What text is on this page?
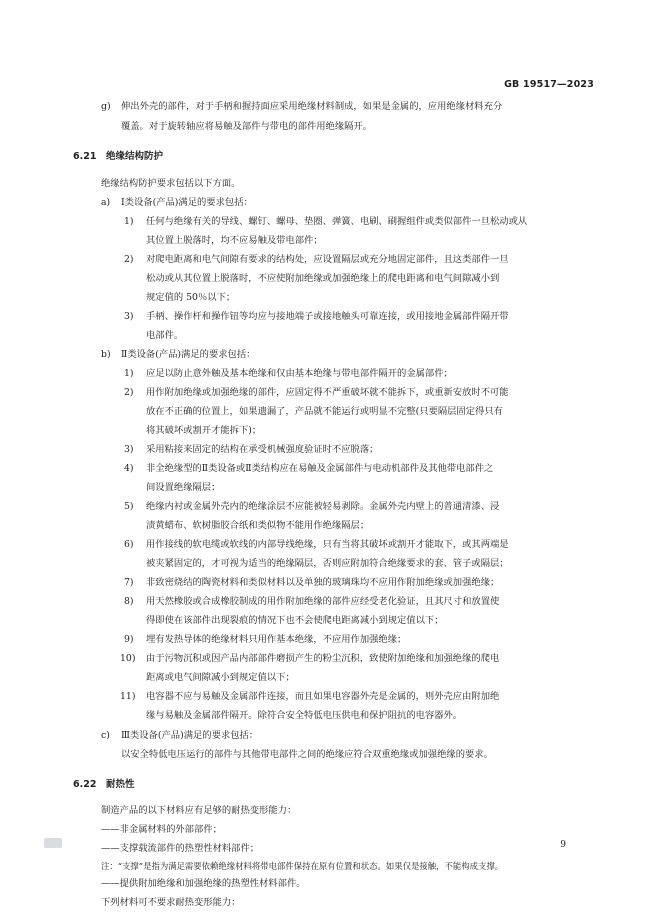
GB 19517—2023
g) 伸出外壳的部件，对于手柄和握持面应采用绝缘材料制成，如果是金属的，应用绝缘材料充分
覆盖。对于旋转轴应将易触及部件与带电的部件用绝缘隔开。
6.21  绝缘结构防护
绝缘结构防护要求包括以下方面。
a) Ⅰ类设备(产品)满足的要求包括：
1) 任何与绝缘有关的导线、螺钉、螺母、垫圈、弹簧、电刷、刷握组件或类似部件一旦松动或从
其位置上脱落时，均不应易触及带电部件；
2) 对爬电距离和电气间隙有要求的结构处，应设置隔层或充分地固定部件，且这类部件一旦
松动或从其位置上脱落时，不应使附加绝缘或加强绝缘上的爬电距离和电气间隙减小到
规定值的 50％以下；
3) 手柄、操作杆和操作钮等均应与接地端子或接地触头可靠连接，或用接地金属部件隔开带
电部件。
b) Ⅱ类设备(产品)满足的要求包括：
1) 应足以防止意外触及基本绝缘和仅由基本绝缘与带电部件隔开的金属部件；
2) 用作附加绝缘或加强绝缘的部件，应固定得不严重破坏就不能拆下，或重新安放时不可能
放在不正确的位置上，如果遗漏了，产品就不能运行或明显不完整(只要隔层固定得只有
将其破坏或割开才能拆下)；
3) 采用粘接来固定的结构在承受机械强度验证时不应脱落；
4) 非全绝缘型的Ⅱ类设备或Ⅱ类结构应在易触及金属部件与电动机部件及其他带电部件之
间设置绝缘隔层；
5) 绝缘内衬或金属外壳内的绝缘涂层不应能被轻易剥除。金属外壳内壁上的普通清漆、浸
渍黄蜡布、软树脂胶合纸和类似物不能用作绝缘隔层；
6) 用作接线的软电缆或软线的内部导线绝缘，只有当将其破坏或割开才能取下，或其两端是
被夹紧固定的，才可视为适当的绝缘隔层，否则应附加符合绝缘要求的套、管子或隔层；
7) 非致密烧结的陶瓷材料和类似材料以及单独的玻璃珠均不应用作附加绝缘或加强绝缘；
8) 用天然橡胶或合成橡胶制成的用作附加绝缘的部件应经受老化验证，且其尺寸和放置使
得即使在该部件出现裂痕的情况下也不会使爬电距离减小到规定值以下；
9) 埋有发热导体的绝缘材料只用作基本绝缘，不应用作加强绝缘；
10) 由于污物沉积或因产品内部部件磨损产生的粉尘沉积，致使附加绝缘和加强绝缘的爬电
距离或电气间隙减小到规定值以下；
11) 电容器不应与易触及金属部件连接，而且如果电容器外壳是金属的，则外壳应由附加绝
缘与易触及金属部件隔开。除符合安全特低电压供电和保护阻抗的电容器外。
c) Ⅲ类设备(产品)满足的要求包括：
以安全特低电压运行的部件与其他带电部件之间的绝缘应符合双重绝缘或加强绝缘的要求。
6.22  耐热性
制造产品的以下材料应有足够的耐热变形能力：
——非金属材料的外部部件；
——支撑载流部件的热塑性材料部件；
注：“支撑”是指为满足需要依赖绝缘材料将带电部件保持在原有位置和状态。如果仅是接触，不能构成支撑。
——提供附加绝缘和加强绝缘的热塑性材料部件。
下列材料可不要求耐热变形能力：
9
